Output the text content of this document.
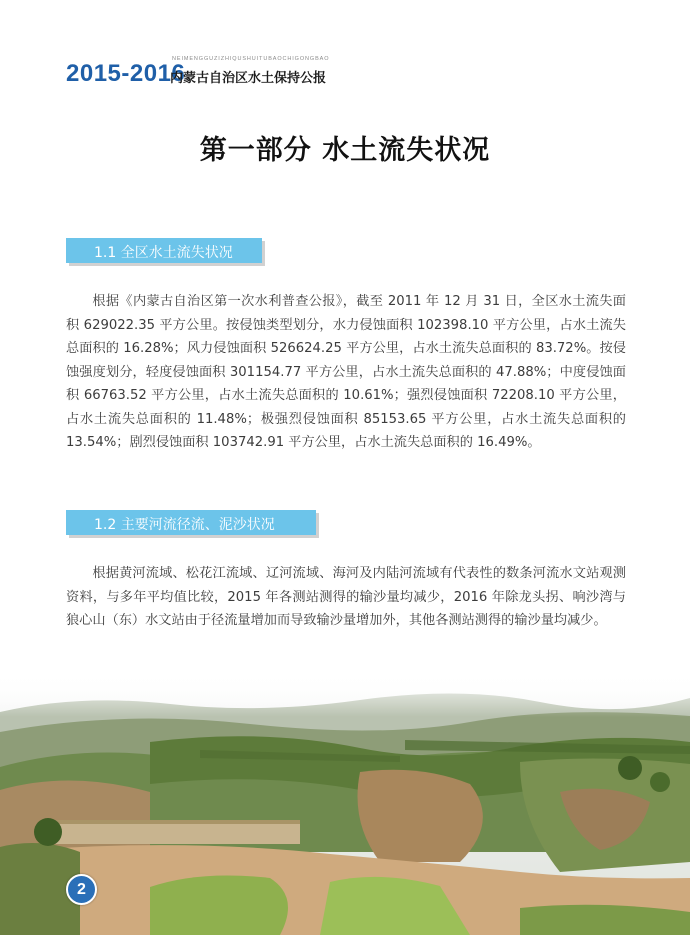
2015-2016
NEIMENGGUZIZHIQUSHUITUBAOCHIGONGBAO
内蒙古自治区水土保持公报
第一部分 水土流失状况
1.1 全区水土流失状况

根据《内蒙古自治区第一次水利普查公报》，截至 2011 年 12 月 31 日，全区水土流失面积 629022.35 平方公里。按侵蚀类型划分，水力侵蚀面积 102398.10 平方公里，占水土流失总面积的 16.28%；风力侵蚀面积 526624.25 平方公里，占水土流失总面积的 83.72%。按侵蚀强度划分，轻度侵蚀面积 301154.77 平方公里，占水土流失总面积的 47.88%；中度侵蚀面积 66763.52 平方公里，占水土流失总面积的 10.61%；强烈侵蚀面积 72208.10 平方公里，占水土流失总面积的 11.48%；极强烈侵蚀面积 85153.65 平方公里，占水土流失总面积的 13.54%；剧烈侵蚀面积 103742.91 平方公里，占水土流失总面积的 16.49%。

1.2 主要河流径流、泥沙状况

根据黄河流域、松花江流域、辽河流域、海河及内陆河流域有代表性的数条河流水文站观测资料，与多年平均值比较，2015 年各测站测得的输沙量均减少，2016 年除龙头拐、响沙湾与狼心山（东）水文站由于径流量增加而导致输沙量增加外，其他各测站测得的输沙量均减少。

2
